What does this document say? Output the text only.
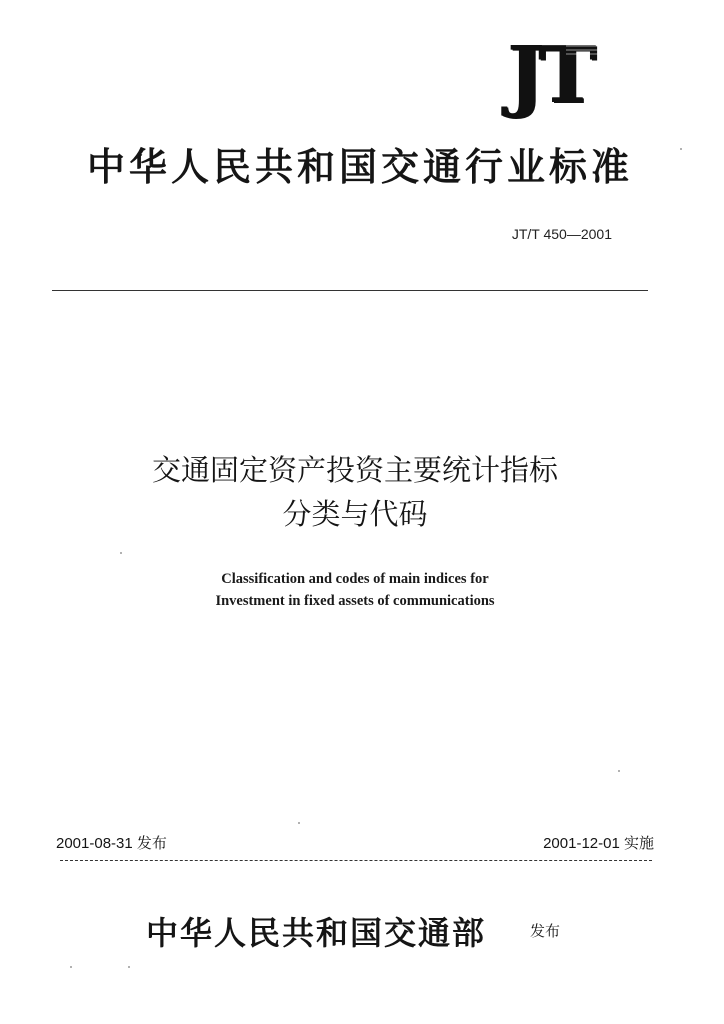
JT
中华人民共和国交通行业标准
JT/T 450—2001
交通固定资产投资主要统计指标
分类与代码
Classification and codes of main indices for
Investment in fixed assets of communications
2001-08-31 发布	2001-12-01 实施
中华人民共和国交通部	发布
